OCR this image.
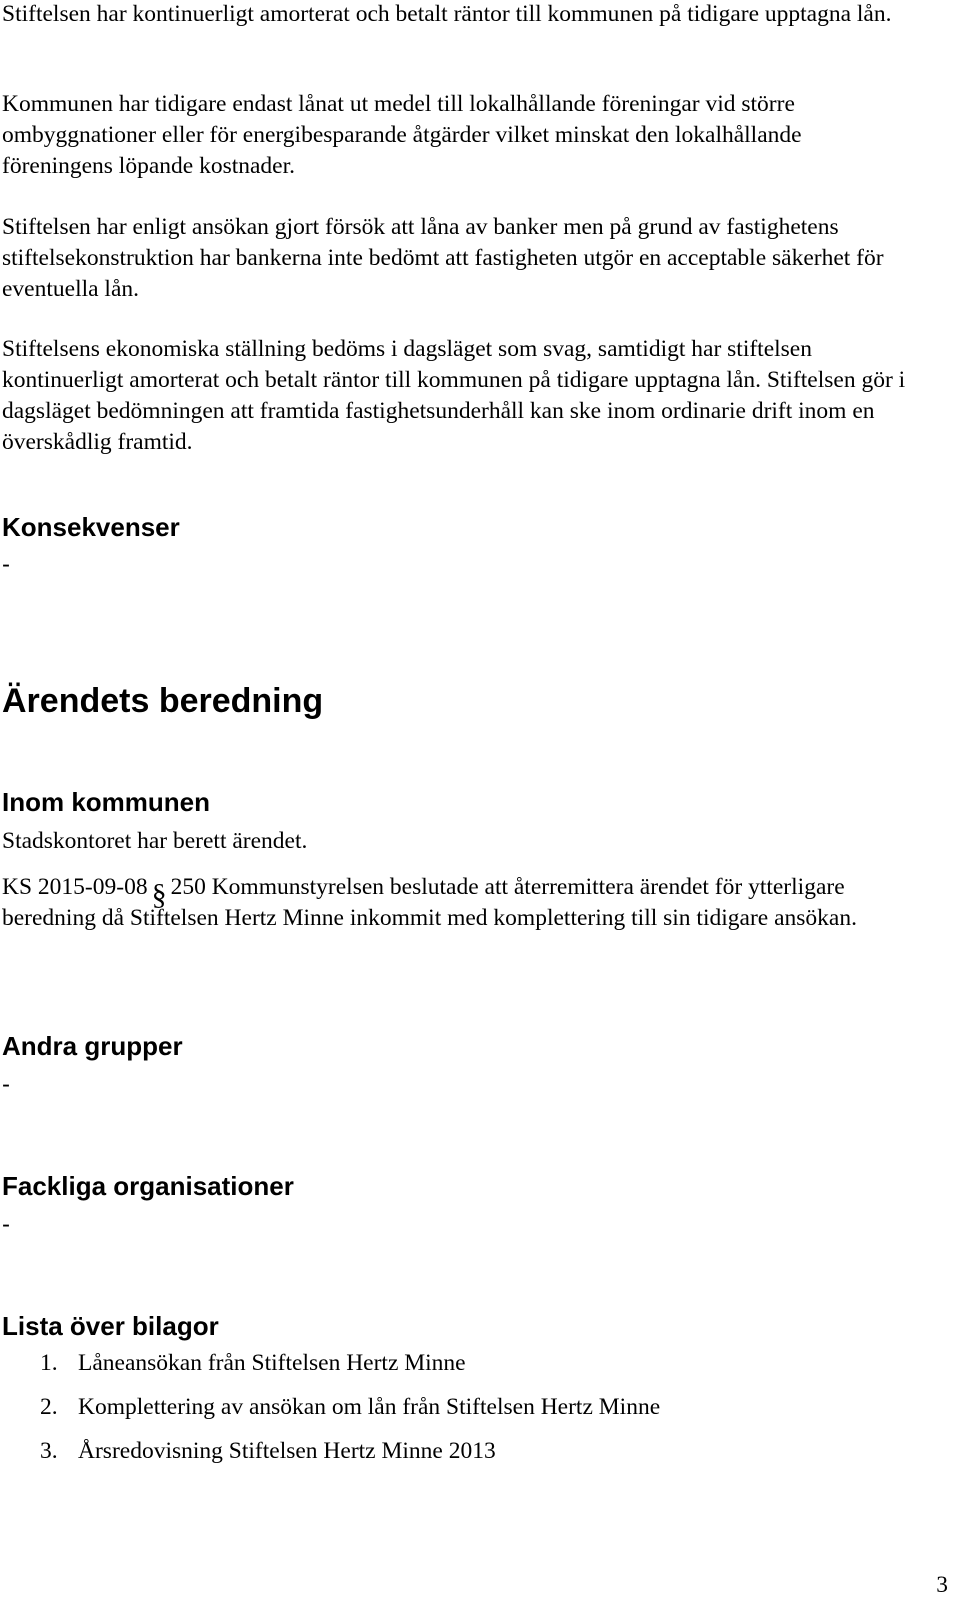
Stiftelsen har kontinuerligt amorterat och betalt räntor till kommunen på tidigare upptagna lån.

Kommunen har tidigare endast lånat ut medel till lokalhållande föreningar vid större ombyggnationer eller för energibesparande åtgärder vilket minskat den lokalhållande föreningens löpande kostnader.

Stiftelsen har enligt ansökan gjort försök att låna av banker men på grund av fastighetens stiftelsekonstruktion har bankerna inte bedömt att fastigheten utgör en acceptable säkerhet för eventuella lån.

Stiftelsens ekonomiska ställning bedöms i dagsläget som svag, samtidigt har stiftelsen kontinuerligt amorterat och betalt räntor till kommunen på tidigare upptagna lån. Stiftelsen gör i dagsläget bedömningen att framtida fastighetsunderhåll kan ske inom ordinarie drift inom en överskådlig framtid.

Konsekvenser
-
Ärendets beredning
Inom kommunen

Stadskontoret har berett ärendet.

KS 2015-09-08 § 250 Kommunstyrelsen beslutade att återremittera ärendet för ytterligare beredning då Stiftelsen Hertz Minne inkommit med komplettering till sin tidigare ansökan.

Andra grupper
-
Fackliga organisationer
-
Lista över bilagor
1. Låneansökan från Stiftelsen Hertz Minne
2. Komplettering av ansökan om lån från Stiftelsen Hertz Minne
3. Årsredovisning Stiftelsen Hertz Minne 2013
3
